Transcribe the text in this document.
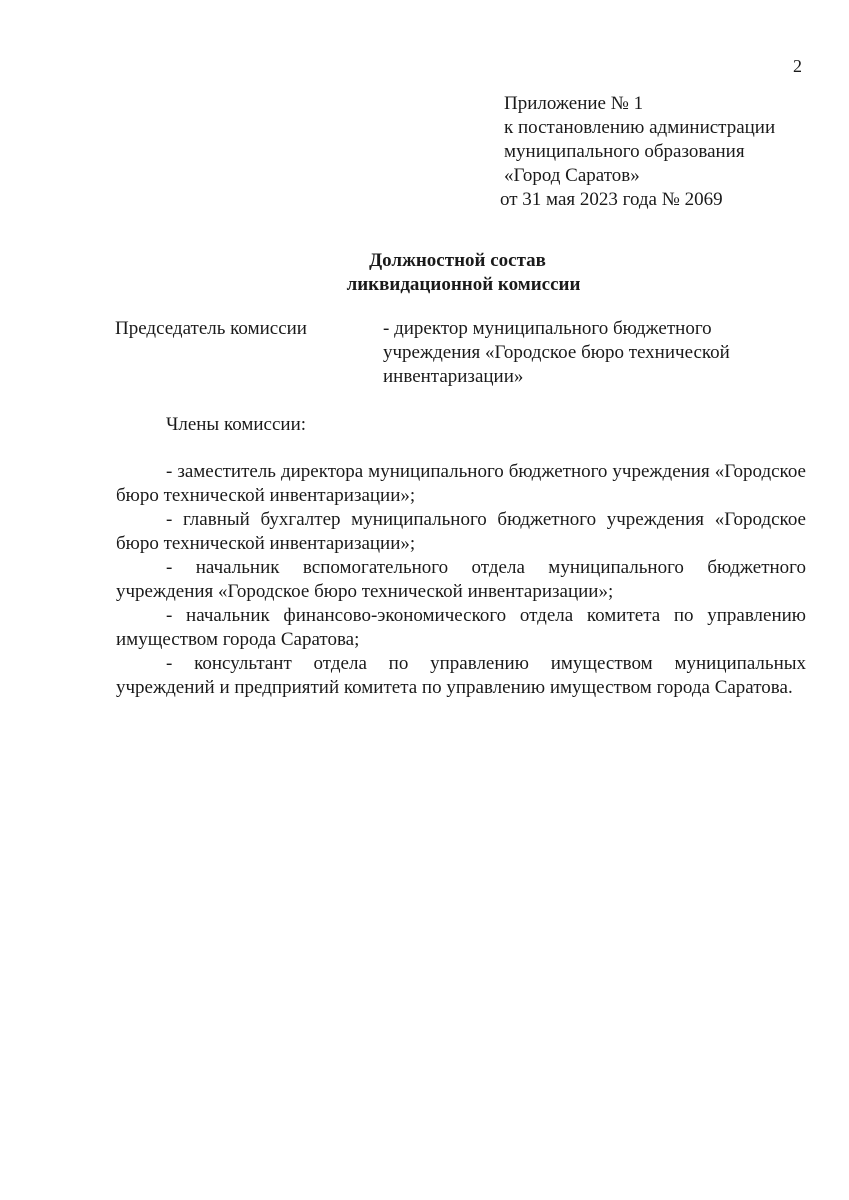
2
Приложение № 1
к постановлению администрации
муниципального образования
«Город Саратов»
от 31 мая 2023 года № 2069
Должностной состав
ликвидационной комиссии
Председатель комиссии	- директор муниципального бюджетного
учреждения «Городское бюро технической
инвентаризации»
Члены комиссии:

- заместитель директора муниципального бюджетного учреждения «Городское бюро технической инвентаризации»;

- главный бухгалтер муниципального бюджетного учреждения «Городское бюро технической инвентаризации»;

- начальник вспомогательного отдела муниципального бюджетного учреждения «Городское бюро технической инвентаризации»;

- начальник финансово-экономического отдела комитета по управлению имуществом города Саратова;

- консультант отдела по управлению имуществом муниципальных учреждений и предприятий комитета по управлению имуществом города Саратова.
